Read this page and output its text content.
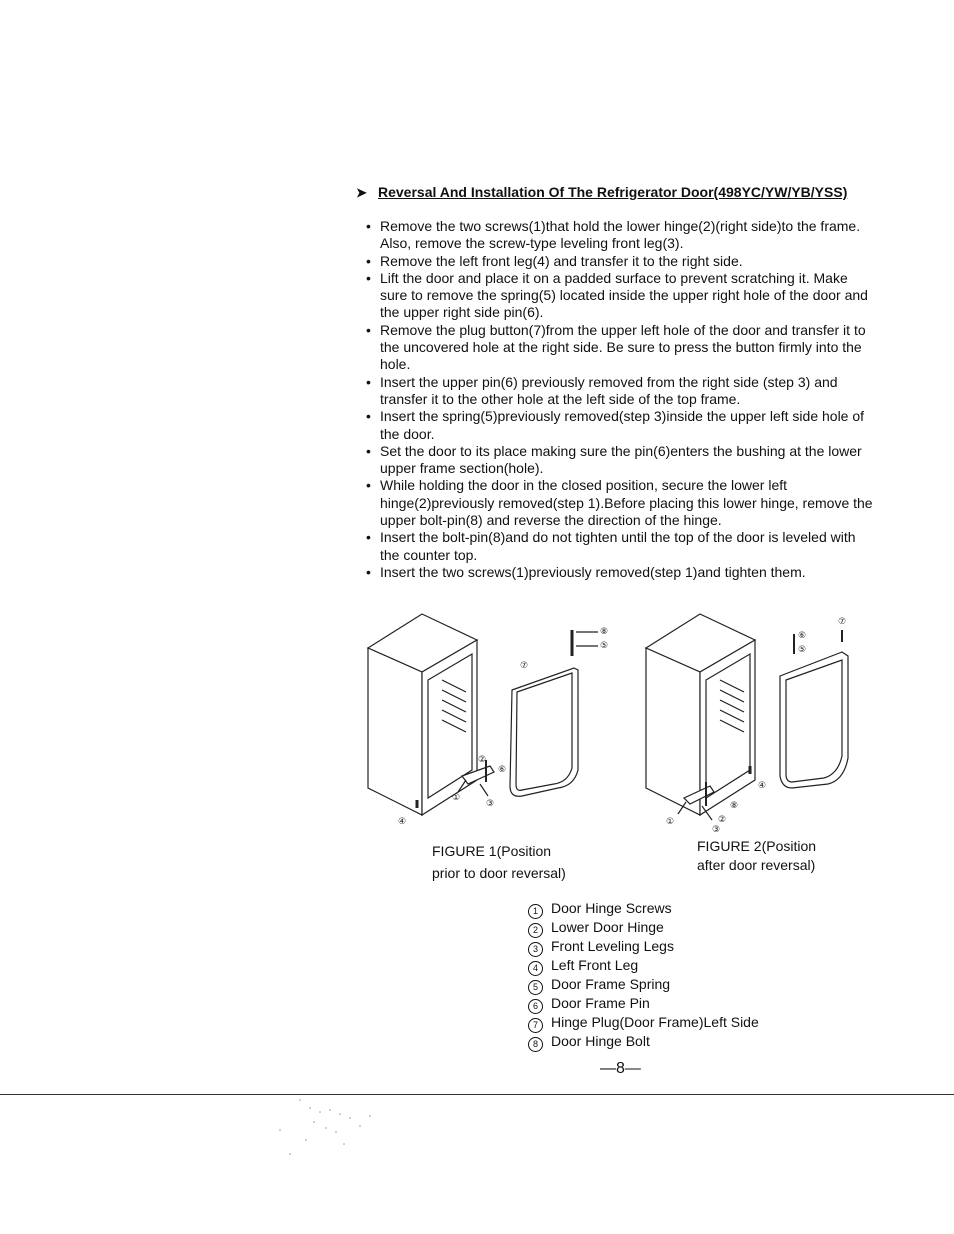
➤ Reversal And Installation Of The Refrigerator Door(498YC/YW/YB/YSS)
• Remove the two screws(1)that hold the lower hinge(2)(right side)to the frame. Also, remove the screw-type leveling front leg(3).
• Remove the left front leg(4) and transfer it to the right side.
• Lift the door and place it on a padded surface to prevent scratching it. Make sure to remove the spring(5) located inside the upper right hole of the door and the upper right side pin(6).
• Remove the plug button(7)from the upper left hole of the door and transfer it to the uncovered hole at the right side. Be sure to press the button firmly into the hole.
• Insert the upper pin(6) previously removed from the right side (step 3) and transfer it to the other hole at the left side of the top frame.
• Insert the spring(5)previously removed(step 3)inside the upper left side hole of the door.
• Set the door to its place making sure the pin(6)enters the bushing at the lower upper frame section(hole).
• While holding the door in the closed position, secure the lower left hinge(2)previously removed(step 1).Before placing this lower hinge, remove the upper bolt-pin(8) and reverse the direction of the hinge.
• Insert the bolt-pin(8)and do not tighten until the top of the door is leveled with the counter top.
• Insert the two screws(1)previously removed(step 1)and tighten them.
⑧
⑤
⑦
②
⑥
①
③
④
⑦
⑥
⑤
④
⑧
②
①
③
FIGURE 1(Position
prior to door reversal)
FIGURE 2(Position
after door reversal)
1 Door Hinge Screws
2 Lower Door Hinge
3 Front Leveling Legs
4 Left Front Leg
5 Door Frame Spring
6 Door Frame Pin
7 Hinge Plug(Door Frame)Left Side
8 Door Hinge Bolt
—8—
